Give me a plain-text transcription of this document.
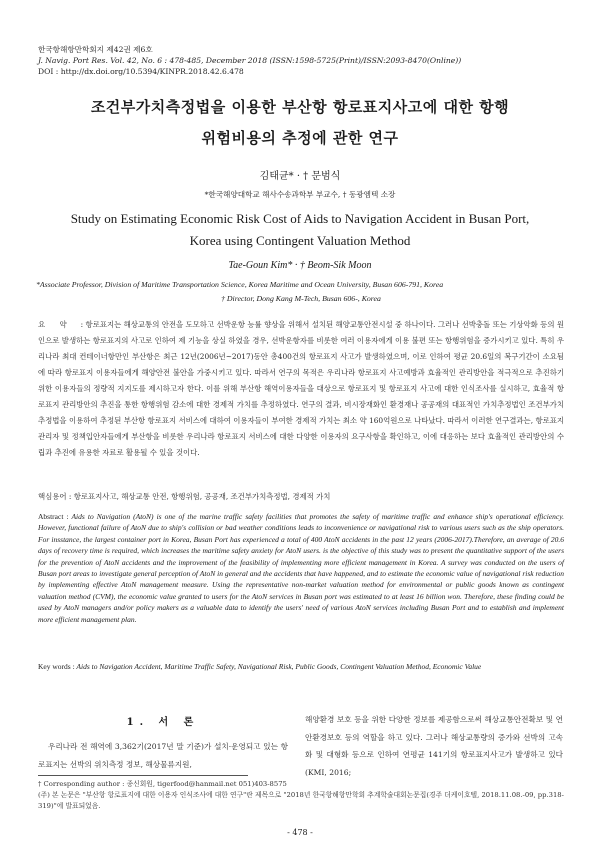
한국항해항만학회지 제42권 제6호
J. Navig. Port Res. Vol. 42, No. 6 : 478-485, December 2018 (ISSN:1598-5725(Print)/ISSN:2093-8470(Online))
DOI : http://dx.doi.org/10.5394/KINPR.2018.42.6.478
조건부가치측정법을 이용한 부산항 항로표지사고에 대한 항행
위험비용의 추정에 관한 연구
김태균* · † 문범식
*한국해양대학교 해사수송과학부 부교수, † 동광엠텍 소장
Study on Estimating Economic Risk Cost of Aids to Navigation Accident in Busan Port,
Korea using Contingent Valuation Method
Tae-Goun Kim* · † Beom-Sik Moon
*Associate Professor, Division of Maritime Transportation Science, Korea Maritime and Ocean University, Busan 606-791, Korea
† Director, Dong Kang M-Tech, Busan 606-, Korea
요 약 : 항로표지는 해상교통의 안전을 도모하고 선박운항 능률 향상을 위해서 설치된 해양교통안전시설 중 하나이다. 그러나 선박충돌 또는 기상악화 등의 원인으로 발생하는 항로표지의 사고로 인하여 제 기능을 상실 하였을 경우, 선박운항자를 비롯한 여러 이용자에게 이용 불편 또는 항행위험을 증가시키고 있다. 특히 우리나라 최대 컨테이너항만인 부산항은 최근 12년(2006년~2017)동안 총400건의 항로표지 사고가 발생하였으며, 이로 인하여 평균 20.6일의 복구기간이 소요됨에 따라 항로표지 이용자들에게 해양안전 불안을 가중시키고 있다. 따라서 연구의 목적은 우리나라 항로표지 사고예방과 효율적인 관리방안을 적극적으로 추진하기 위한 이용자들의 정량적 지지도를 제시하고자 한다. 이를 위해 부산항 해역이용자들을 대상으로 항로표지 및 항로표지 사고에 대한 인식조사를 실시하고, 효율적 항로표지 관리방안의 추진을 통한 항행위험 감소에 대한 경제적 가치를 추정하였다. 연구의 결과, 비시장재화인 환경재나 공공재의 대표적인 가치추정법인 조건부가치추정법을 이용하여 추정된 부산항 항로표지 서비스에 대하여 이용자들이 부여한 경제적 가치는 최소 약 160억원으로 나타났다. 따라서 이러한 연구결과는, 항로표지 관리자 및 정책입안자들에게 부산항을 비롯한 우리나라 항로표지 서비스에 대한 다양한 이용자의 요구사항을 확인하고, 이에 대응하는 보다 효율적인 관리방안의 수립과 추진에 유용한 자료로 활용될 수 있을 것이다.
핵심용어 : 항로표지사고, 해상교통 안전, 항행위험, 공공재, 조건부가치측정법, 경제적 가치
Abstract : Aids to Navigation (AtoN) is one of the marine traffic safety facilities that promotes the safety of maritime traffic and enhance ship's operational efficiency. However, functional failure of AtoN due to ship's collision or bad weather conditions leads to inconvenience or navigational risk to various users such as the ship operators. For insstance, the largest container port in Korea, Busan Port has experienced a total of 400 AtoN accidents in the past 12 years (2006-2017).Therefore, an average of 20.6 days of recovery time is required, which increases the maritime safety anxiety for AtoN users. is the objective of this study was to present the quantitative support of the users for the prevention of AtoN accidents and the improvement of the feasibility of implementing more efficient management in Korea. A survey was conducted on the users of Busan port areas to investigate general perception of AtoN in general and the accidents that have happened, and to estimate the economic value of navigational risk reduction by implementing effective AtoN management measure. Using the representative non-market valuation method for environmental or public goods known as contingent valuation method (CVM), the economic value granted to users for the AtoN services in Busan port was estimated to at least 16 billion won. Therefore, these finding could be used by AtoN managers and/or policy makers as a valuable data to identify the users' need of various AtoN services including Busan Port and to establish and implement more efficient management plan.
Key words : Aids to Navigation Accident, Maritime Traffic Safety, Navigational Risk, Public Goods, Contingent Valuation Method, Economic Value
1. 서 론
우리나라 전 해역에 3,362기(2017년 말 기준)가 설치·운영되고 있는 항로표지는 선박의 위치측정 정보, 해상물류지원,
해양환경 보호 등을 위한 다양한 정보를 제공함으로써 해상교통안전확보 및 연안환경보호 등의 역할을 하고 있다. 그러나 해상교통량의 증가와 선박의 고속화 및 대형화 등으로 인하여 연평균 141기의 항로표지사고가 발생하고 있다(KMI, 2016;
† Corresponding author : 종신회원, tigerfood@hanmail.net 051)403-8575
(주) 본 논문은 "부산항 항로표지에 대한 이용자 인식조사에 대한 연구"란 제목으로 "2018년 한국항해항만학회 추계학술대회논문집(경주 더케이호텔, 2018.11.08.-09, pp.318-319)"에 발표되었음.
- 478 -
